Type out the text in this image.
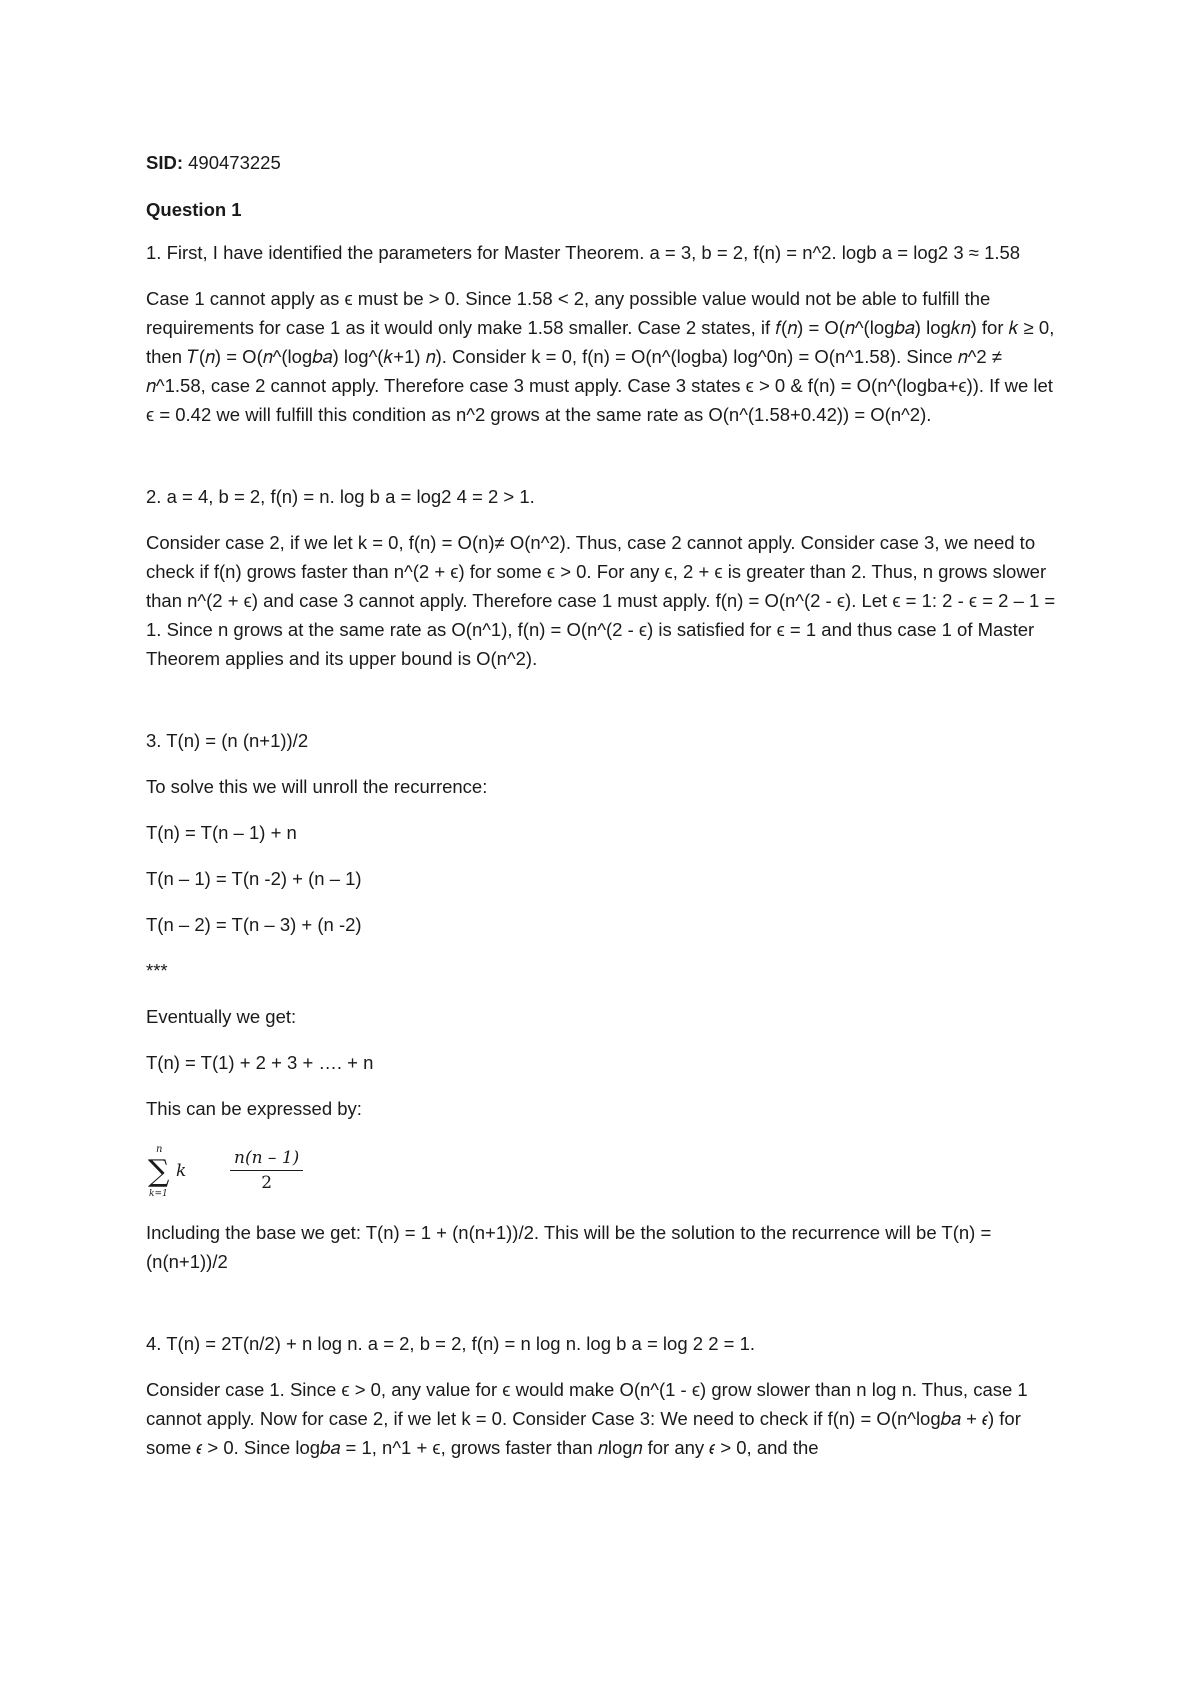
SID: 490473225
Question 1

1. First, I have identified the parameters for Master Theorem. a = 3, b = 2, f(n) = n^2. logb a = log2 3 ≈ 1.58

Case 1 cannot apply as ϵ must be > 0. Since 1.58 < 2, any possible value would not be able to fulfill the requirements for case 1 as it would only make 1.58 smaller. Case 2 states, if 𝑓(𝑛) = O(𝑛^(log𝑏𝑎) log𝑘𝑛) for 𝑘 ≥ 0, then 𝑇(𝑛) = O(𝑛^(log𝑏𝑎) log^(𝑘+1) 𝑛). Consider k = 0, f(n) = O(n^(logba) log^0n) = O(n^1.58). Since 𝑛^2 ≠ 𝑛^1.58, case 2 cannot apply. Therefore case 3 must apply. Case 3 states ϵ > 0 & f(n) = O(n^(logba+ϵ)). If we let ϵ = 0.42 we will fulfill this condition as n^2 grows at the same rate as O(n^(1.58+0.42)) = O(n^2).

2. a = 4, b = 2, f(n) = n. log b a = log2 4 = 2 > 1.

Consider case 2, if we let k = 0, f(n) = O(n)≠ O(n^2). Thus, case 2 cannot apply. Consider case 3, we need to check if f(n) grows faster than n^(2 + ϵ) for some ϵ > 0. For any ϵ, 2 + ϵ is greater than 2. Thus, n grows slower than n^(2 + ϵ) and case 3 cannot apply. Therefore case 1 must apply. f(n) = O(n^(2 - ϵ). Let ϵ = 1: 2 - ϵ = 2 – 1 = 1. Since n grows at the same rate as O(n^1), f(n) = O(n^(2 - ϵ) is satisfied for ϵ = 1 and thus case 1 of Master Theorem applies and its upper bound is O(n^2).

3. T(n) = (n (n+1))/2

To solve this we will unroll the recurrence:

T(n) = T(n – 1) + n

T(n – 1) = T(n -2) + (n – 1)

T(n – 2) = T(n – 3) + (n -2)

***

Eventually we get:

T(n) = T(1) + 2 + 3 + …. + n

This can be expressed by:

n
∑ k
k=1
$\frac{n(n - 1)}{2}$

Including the base we get: T(n) = 1 + (n(n+1))/2. This will be the solution to the recurrence will be T(n) = (n(n+1))/2

4. T(n) = 2T(n/2) + n log n. a = 2, b = 2, f(n) = n log n. log b a = log 2 2 = 1.

Consider case 1. Since ϵ > 0, any value for ϵ would make O(n^(1 - ϵ) grow slower than n log n. Thus, case 1 cannot apply. Now for case 2, if we let k = 0. Consider Case 3: We need to check if f(n) = O(n^log𝑏𝑎 + 𝜖) for some 𝜖 > 0. Since log𝑏𝑎 = 1, n^1 + ϵ, grows faster than 𝑛log𝑛 for any 𝜖 > 0, and the
